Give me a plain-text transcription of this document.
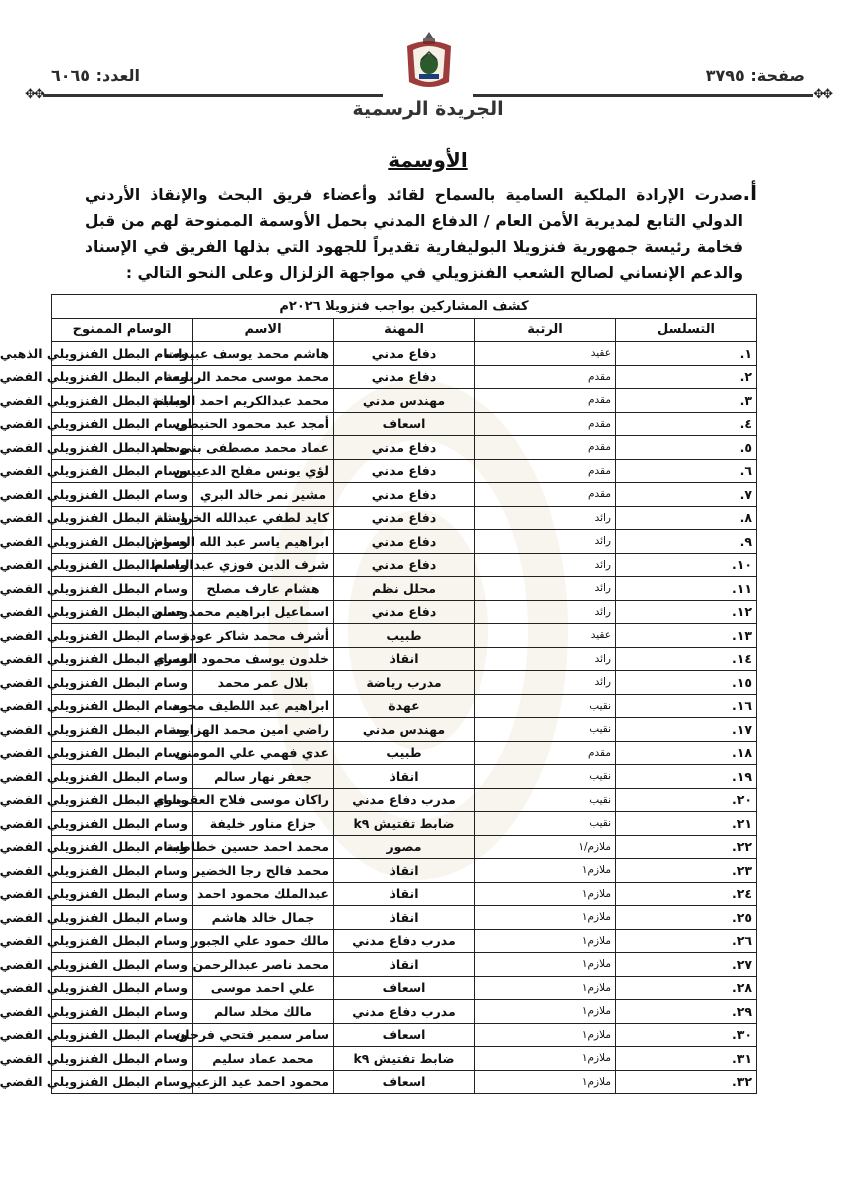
صفحة: ٣٧٩٥
العدد: ٦٠٦٥
✥✥
✥✥
الجريدة الرسمية
الأوسمة
أ.
صدرت الإرادة الملكية السامية بالسماح لقائد وأعضاء فريق البحث والإنقاذ الأردني الدولي التابع لمديرية الأمن العام / الدفاع المدني بحمل الأوسمة الممنوحة لهم من قبل فخامة رئيسة جمهورية فنزويلا البوليفارية تقديراً للجهود التي بذلها الفريق في الإسناد والدعم الإنساني لصالح الشعب الفنزويلي في مواجهة الزلزال وعلى النحو التالي :
كشف المشاركين بواجب فنزويلا ٢٠٢٦م				
التسلسل	الرتبة	المهنة	الاسم	الوسام الممنوح
١.	عقيد	دفاع مدني	هاشم محمد يوسف عبيدات	وسام البطل الفنزويلي الذهبي
٢.	مقدم	دفاع مدني	محمد موسى محمد الربابعة	وسام البطل الفنزويلي الفضي
٣.	مقدم	مهندس مدني	محمد عبدالكريم احمد العبابنة	وسام البطل الفنزويلي الفضي
٤.	مقدم	اسعاف	أمجد عبد محمود الحنيطي	وسام البطل الفنزويلي الفضي
٥.	مقدم	دفاع مدني	عماد محمد مصطفى بني حمد	وسام البطل الفنزويلي الفضي
٦.	مقدم	دفاع مدني	لؤي يونس مفلح الدعيبس	وسام البطل الفنزويلي الفضي
٧.	مقدم	دفاع مدني	مشير نمر خالد البري	وسام البطل الفنزويلي الفضي
٨.	رائد	دفاع مدني	كايد لطفي عبدالله الخرابشة	وسام البطل الفنزويلي الفضي
٩.	رائد	دفاع مدني	ابراهيم ياسر عبد الله العموش	وسام البطل الفنزويلي الفضي
١٠.	رائد	دفاع مدني	شرف الدين فوزي عبدالباسط	وسام البطل الفنزويلي الفضي
١١.	رائد	محلل نظم	هشام عارف مصلح	وسام البطل الفنزويلي الفضي
١٢.	رائد	دفاع مدني	اسماعيل ابراهيم محمد حسن	وسام البطل الفنزويلي الفضي
١٣.	عقيد	طبيب	أشرف محمد شاكر عودة	وسام البطل الفنزويلي الفضي
١٤.	رائد	انقاذ	خلدون يوسف محمود العمري	وسام البطل الفنزويلي الفضي
١٥.	رائد	مدرب رياضة	بلال عمر محمد	وسام البطل الفنزويلي الفضي
١٦.	نقيب	عهدة	ابراهيم عبد اللطيف محمد	وسام البطل الفنزويلي الفضي
١٧.	نقيب	مهندس مدني	راضي امين محمد الهزايمة	وسام البطل الفنزويلي الفضي
١٨.	مقدم	طبيب	عدي فهمي علي المومني	وسام البطل الفنزويلي الفضي
١٩.	نقيب	انقاذ	جعفر نهار سالم	وسام البطل الفنزويلي الفضي
٢٠.	نقيب	مدرب دفاع مدني	راكان موسى فلاح العقرباوي	وسام البطل الفنزويلي الفضي
٢١.	نقيب	ضابط تفتيش k٩	جزاع مناور خليفة	وسام البطل الفنزويلي الفضي
٢٢.	ملازم/١	مصور	محمد احمد حسين خطاطبة	وسام البطل الفنزويلي الفضي
٢٣.	ملازم١	انقاذ	محمد فالح رجا الخضير	وسام البطل الفنزويلي الفضي
٢٤.	ملازم١	انقاذ	عبدالملك محمود احمد	وسام البطل الفنزويلي الفضي
٢٥.	ملازم١	انقاذ	جمال خالد هاشم	وسام البطل الفنزويلي الفضي
٢٦.	ملازم١	مدرب دفاع مدني	مالك حمود علي الجبور	وسام البطل الفنزويلي الفضي
٢٧.	ملازم١	انقاذ	محمد ناصر عبدالرحمن	وسام البطل الفنزويلي الفضي
٢٨.	ملازم١	اسعاف	علي احمد موسى	وسام البطل الفنزويلي الفضي
٢٩.	ملازم١	مدرب دفاع مدني	مالك مخلد سالم	وسام البطل الفنزويلي الفضي
٣٠.	ملازم١	اسعاف	سامر سمير فتحي فرحان	وسام البطل الفنزويلي الفضي
٣١.	ملازم١	ضابط تفتيش k٩	محمد عماد سليم	وسام البطل الفنزويلي الفضي
٣٢.	ملازم١	اسعاف	محمود احمد عيد الزعبي	وسام البطل الفنزويلي الفضي
